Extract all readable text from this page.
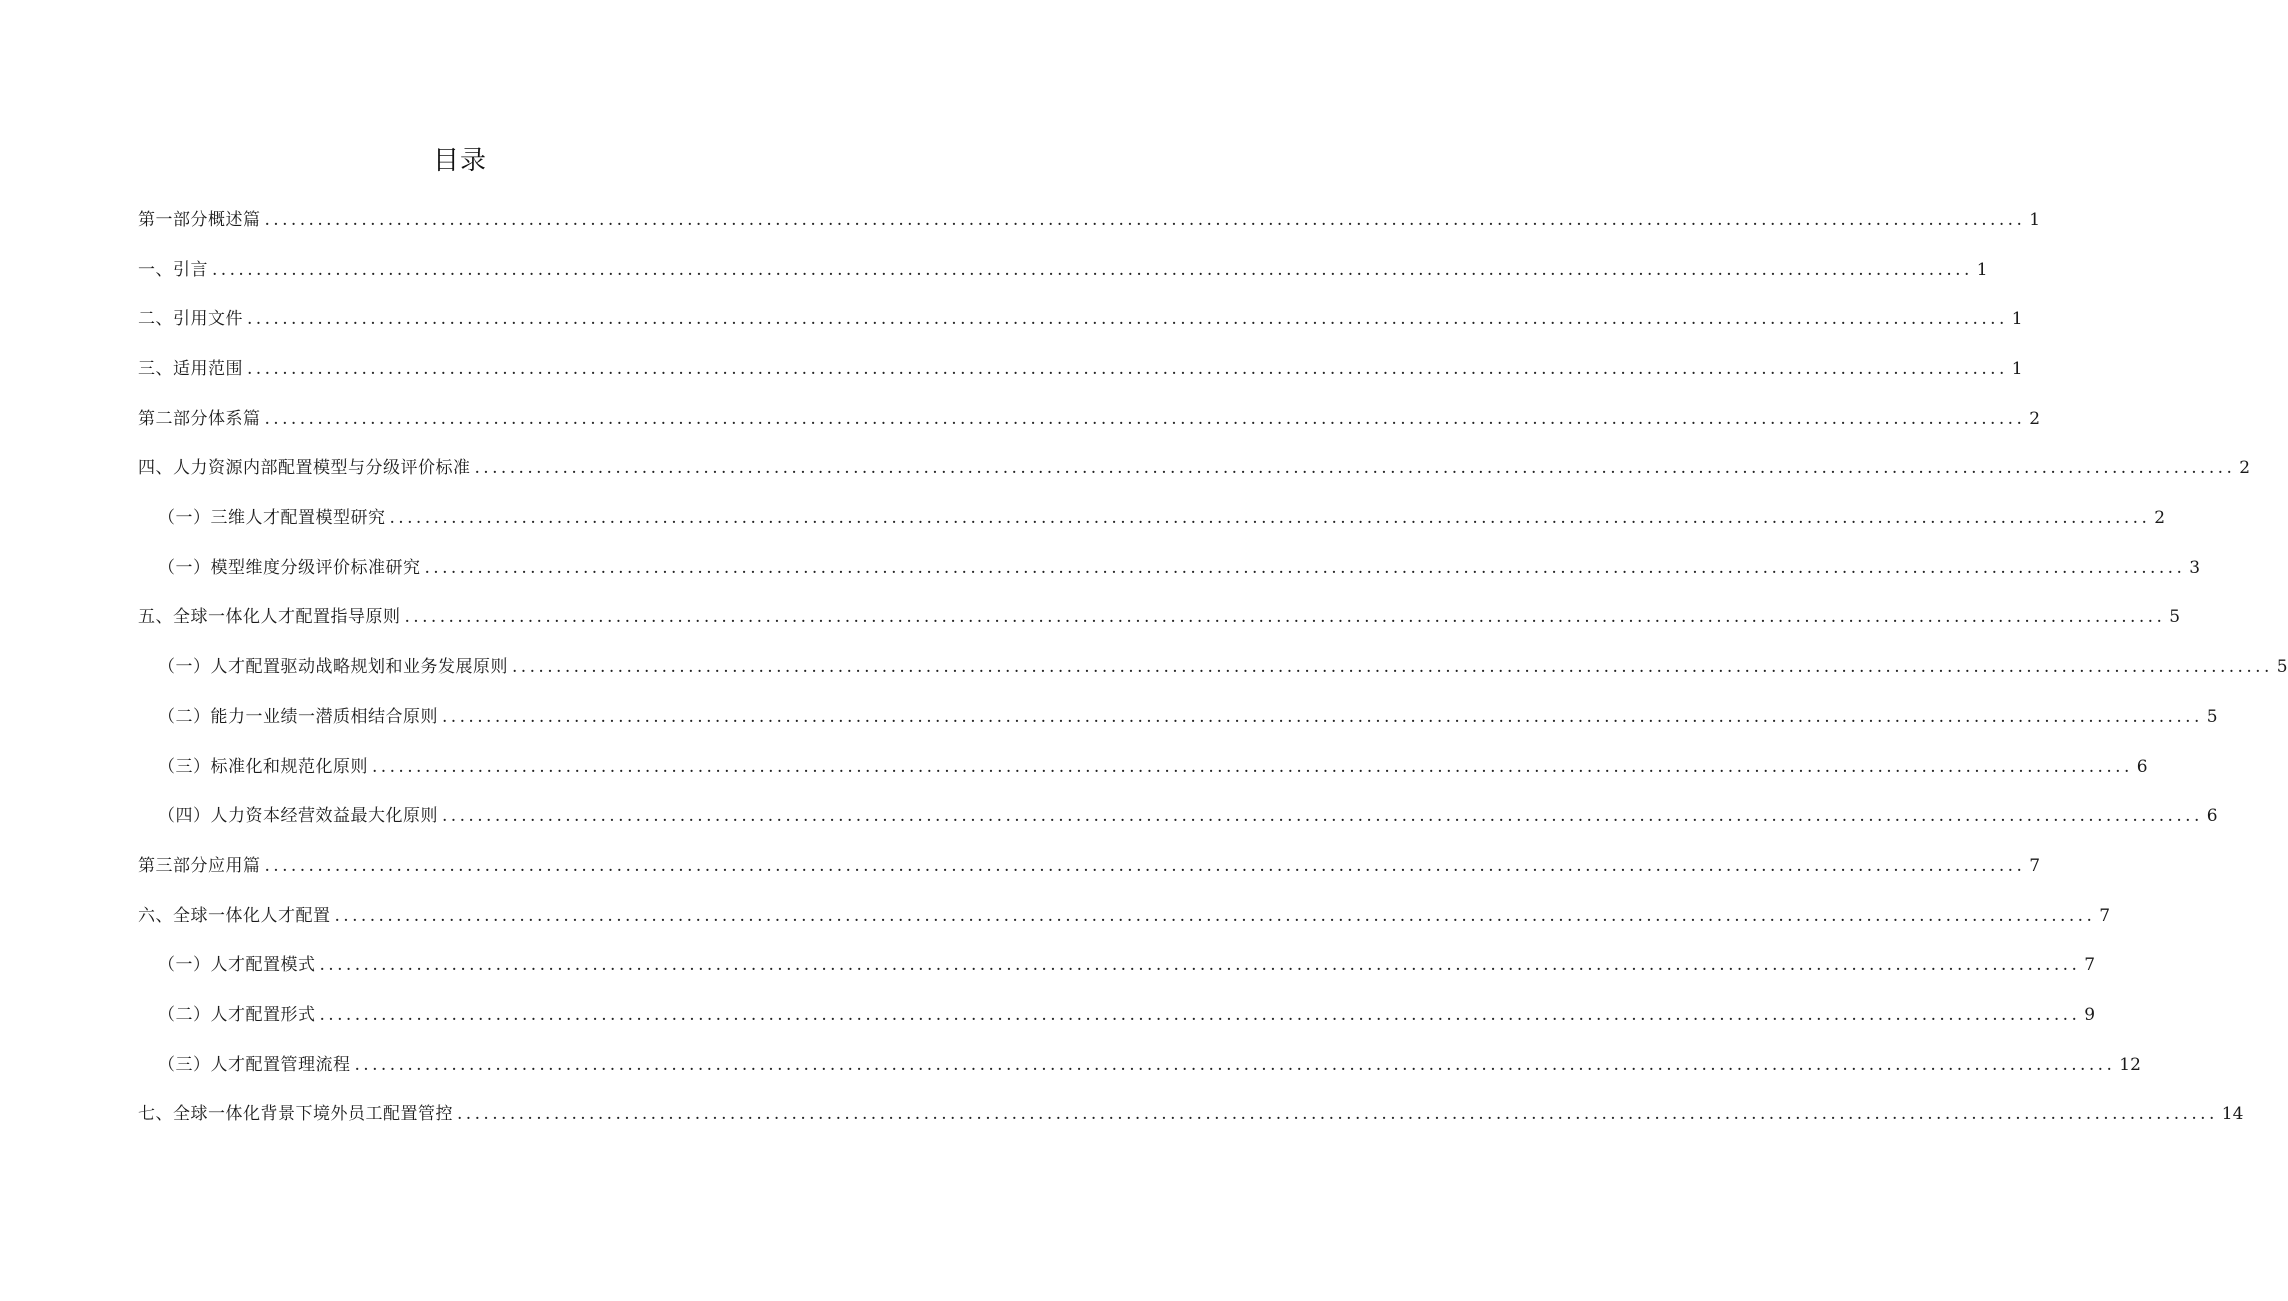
目录
第一部分概述篇 ........................................................................................................................................................................................................ 1
一、引言 ........................................................................................................................................................................................................ 1
二、引用文件 ........................................................................................................................................................................................................ 1
三、适用范围 ........................................................................................................................................................................................................ 1
第二部分体系篇 ........................................................................................................................................................................................................ 2
四、人力资源内部配置模型与分级评价标准 ........................................................................................................................................................................................................ 2
（一）三维人才配置模型研究 ........................................................................................................................................................................................................ 2
（一）模型维度分级评价标准研究 ........................................................................................................................................................................................................ 3
五、全球一体化人才配置指导原则 ........................................................................................................................................................................................................ 5
（一）人才配置驱动战略规划和业务发展原则 ........................................................................................................................................................................................................ 5
（二）能力一业绩一潜质相结合原则 ........................................................................................................................................................................................................ 5
（三）标准化和规范化原则 ........................................................................................................................................................................................................ 6
（四）人力资本经营效益最大化原则 ........................................................................................................................................................................................................ 6
第三部分应用篇 ........................................................................................................................................................................................................ 7
六、全球一体化人才配置 ........................................................................................................................................................................................................ 7
（一）人才配置模式 ........................................................................................................................................................................................................ 7
（二）人才配置形式 ........................................................................................................................................................................................................ 9
（三）人才配置管理流程 ........................................................................................................................................................................................................ 12
七、全球一体化背景下境外员工配置管控 ........................................................................................................................................................................................................ 14
